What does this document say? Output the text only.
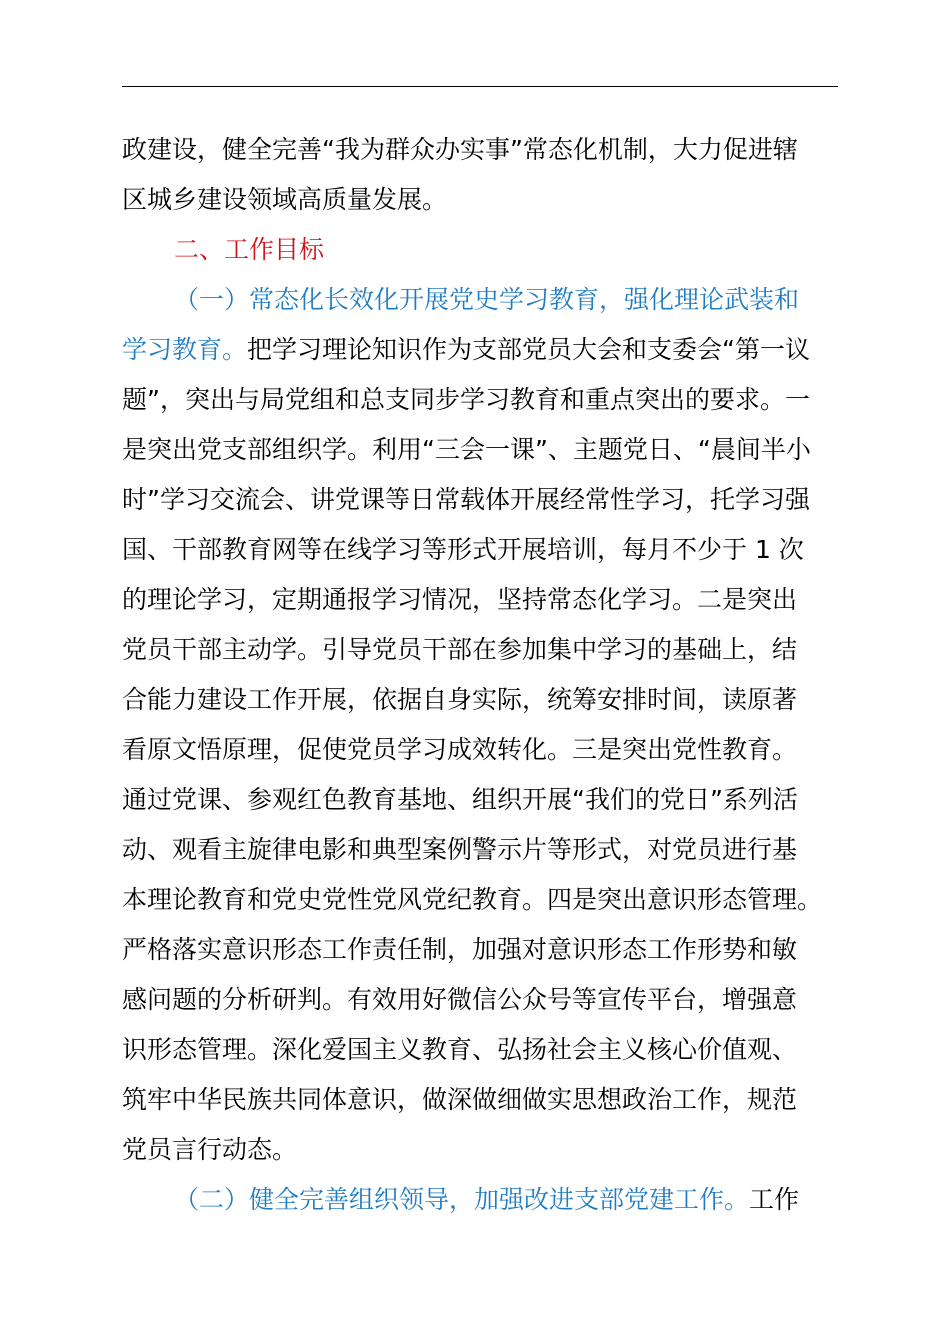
政建设，健全完善“我为群众办实事”常态化机制，大力促进辖
区城乡建设领域高质量发展。
二、工作目标
（一）常态化长效化开展党史学习教育，强化理论武装和
学习教育。把学习理论知识作为支部党员大会和支委会“第一议
题”，突出与局党组和总支同步学习教育和重点突出的要求。一
是突出党支部组织学。利用“三会一课”、主题党日、“晨间半小
时”学习交流会、讲党课等日常载体开展经常性学习，托学习强
国、干部教育网等在线学习等形式开展培训，每月不少于 1 次
的理论学习，定期通报学习情况，坚持常态化学习。二是突出
党员干部主动学。引导党员干部在参加集中学习的基础上，结
合能力建设工作开展，依据自身实际，统筹安排时间，读原著
看原文悟原理，促使党员学习成效转化。三是突出党性教育。
通过党课、参观红色教育基地、组织开展“我们的党日”系列活
动、观看主旋律电影和典型案例警示片等形式，对党员进行基
本理论教育和党史党性党风党纪教育。四是突出意识形态管理。
严格落实意识形态工作责任制，加强对意识形态工作形势和敏
感问题的分析研判。有效用好微信公众号等宣传平台，增强意
识形态管理。深化爱国主义教育、弘扬社会主义核心价值观、
筑牢中华民族共同体意识，做深做细做实思想政治工作，规范
党员言行动态。
（二）健全完善组织领导，加强改进支部党建工作。工作
